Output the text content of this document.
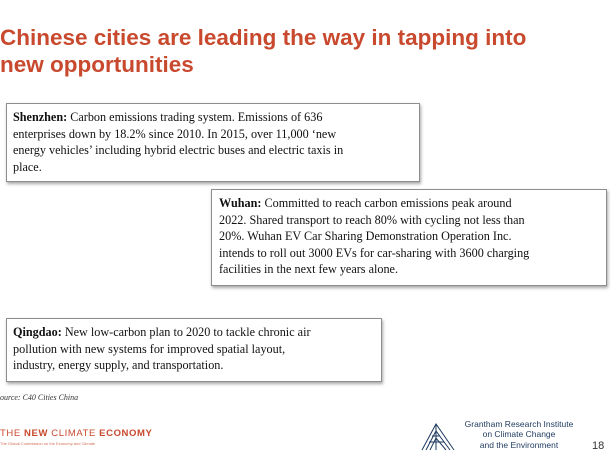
Chinese cities are leading the way in tapping into
new opportunities
Shenzhen: Carbon emissions trading system. Emissions of 636
enterprises down by 18.2% since 2010. In 2015, over 11,000 ‘new
energy vehicles’ including hybrid electric buses and electric taxis in
place.
Wuhan: Committed to reach carbon emissions peak around
2022. Shared transport to reach 80% with cycling not less than
20%. Wuhan EV Car Sharing Demonstration Operation Inc.
intends to roll out 3000 EVs for car-sharing with 3600 charging
facilities in the next few years alone.
Qingdao: New low-carbon plan to 2020 to tackle chronic air
pollution with new systems for improved spatial layout,
industry, energy supply, and transportation.
ource: C40 Cities China
THE NEW CLIMATE ECONOMY
The Global Commission on the Economy and Climate
Grantham Research Institute
on Climate Change
and the Environment	18
